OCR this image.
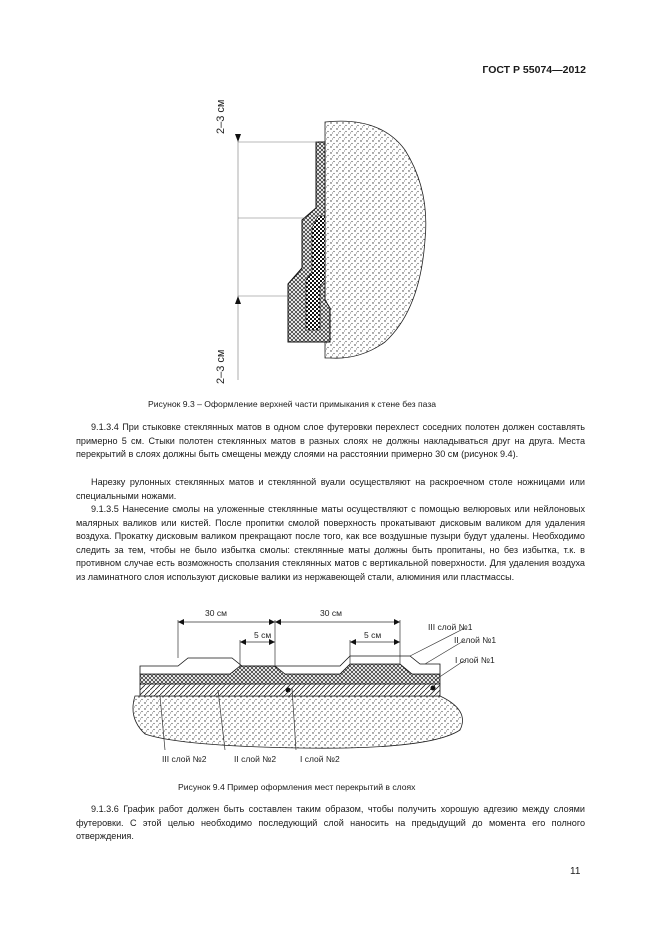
ГОСТ Р 55074—2012
2–3 см
2–3 см
Рисунок 9.3 – Оформление верхней части примыкания к стене без паза

9.1.3.4 При стыковке стеклянных матов в одном слое футеровки перехлест соседних полотен должен составлять примерно 5 см. Стыки полотен стеклянных матов в разных слоях не должны накладываться друг на друга. Места перекрытий в слоях должны быть смещены между слоями на расстоянии примерно 30 см (рисунок 9.4).

Нарезку рулонных стеклянных матов и стеклянной вуали осуществляют на раскроечном столе ножницами или специальными ножами.

9.1.3.5 Нанесение смолы на уложенные стеклянные маты осуществляют с помощью велюровых или нейлоновых малярных валиков или кистей. После пропитки смолой поверхность прокатывают дисковым валиком для удаления воздуха. Прокатку дисковым валиком прекращают после того, как все воздушные пузыри будут удалены. Необходимо следить за тем, чтобы не было избытка смолы: стеклянные маты должны быть пропитаны, но без избытка, т.к. в противном случае есть возможность сползания стеклянных матов с вертикальной поверхности. Для удаления воздуха из ламинатного слоя используют дисковые валики из нержавеющей стали, алюминия или пластмассы.

30 см	30 см
5 см	5 см
III слой №1
II слой №1
I слой №1
III слой №2	II слой №2	I слой №2
Рисунок 9.4 Пример оформления мест перекрытий в слоях

9.1.3.6 График работ должен быть составлен таким образом, чтобы получить хорошую адгезию между слоями футеровки. С этой целью необходимо последующий слой наносить на предыдущий до момента его полного отверждения.

11
